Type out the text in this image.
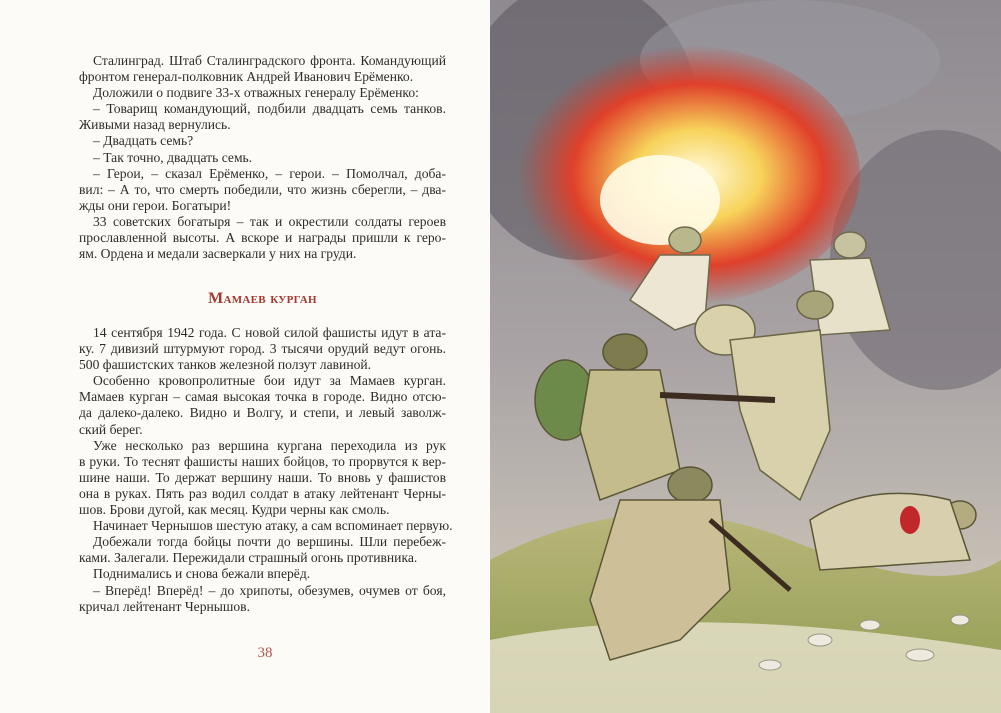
Сталинград. Штаб Сталинградского фронта. Командующий
фронтом генерал-полковник Андрей Иванович Ерёменко.
Доложили о подвиге 33-х отважных генералу Ерёменко:
– Товарищ командующий, подбили двадцать семь танков.
Живыми назад вернулись.
– Двадцать семь?
– Так точно, двадцать семь.
– Герои, – сказал Ерёменко, – герои. – Помолчал, доба-
вил: – А то, что смерть победили, что жизнь сберегли, – два-
жды они герои. Богатыри!
33 советских богатыря – так и окрестили солдаты героев
прославленной высоты. А вскоре и награды пришли к геро-
ям. Ордена и медали засверкали у них на груди.
Мамаев курган
14 сентября 1942 года. С новой силой фашисты идут в ата-
ку. 7 дивизий штурмуют город. 3 тысячи орудий ведут огонь.
500 фашистских танков железной ползут лавиной.
Особенно кровопролитные бои идут за Мамаев курган.
Мамаев курган – самая высокая точка в городе. Видно отсю-
да далеко-далеко. Видно и Волгу, и степи, и левый заволж-
ский берег.
Уже несколько раз вершина кургана переходила из рук
в руки. То теснят фашисты наших бойцов, то прорвутся к вер-
шине наши. То держат вершину наши. То вновь у фашистов
она в руках. Пять раз водил солдат в атаку лейтенант Черны-
шов. Брови дугой, как месяц. Кудри черны как смоль.
Начинает Чернышов шестую атаку, а сам вспоминает первую.
Добежали тогда бойцы почти до вершины. Шли перебеж-
ками. Залегали. Пережидали страшный огонь противника.
Поднимались и снова бежали вперёд.
– Вперёд! Вперёд! – до хрипоты, обезумев, очумев от боя,
кричал лейтенант Чернышов.
38
